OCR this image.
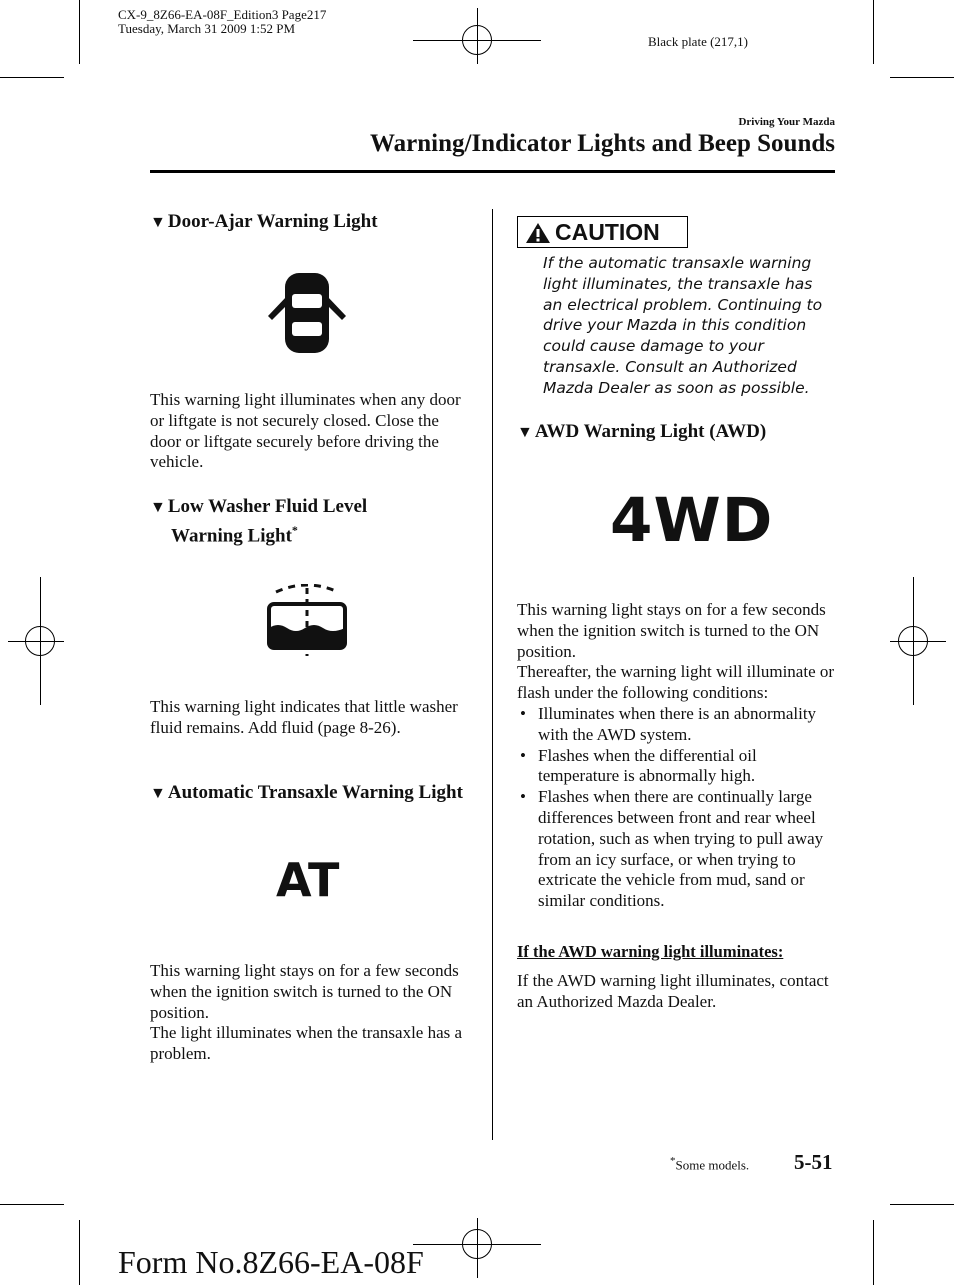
CX-9_8Z66-EA-08F_Edition3 Page217
Tuesday, March 31 2009 1:52 PM
Black plate (217,1)
Driving Your Mazda
Warning/Indicator Lights and Beep Sounds
▼ Door-Ajar Warning Light
This warning light illuminates when any door or liftgate is not securely closed. Close the door or liftgate securely before driving the vehicle.
▼ Low Washer Fluid Level
Warning Light*
This warning light indicates that little washer fluid remains. Add fluid (page 8-26).
▼ Automatic Transaxle Warning Light
AT
This warning light stays on for a few seconds when the ignition switch is turned to the ON position.
The light illuminates when the transaxle has a problem.
CAUTION
If the automatic transaxle warning light illuminates, the transaxle has an electrical problem. Continuing to drive your Mazda in this condition could cause damage to your transaxle. Consult an Authorized Mazda Dealer as soon as possible.
▼ AWD Warning Light (AWD)
4WD
This warning light stays on for a few seconds when the ignition switch is turned to the ON position.
Thereafter, the warning light will illuminate or flash under the following conditions:
• Illuminates when there is an abnormality with the AWD system.
• Flashes when the differential oil temperature is abnormally high.
• Flashes when there are continually large differences between front and rear wheel rotation, such as when trying to pull away from an icy surface, or when trying to extricate the vehicle from mud, sand or similar conditions.
If the AWD warning light illuminates:
If the AWD warning light illuminates, contact an Authorized Mazda Dealer.
*Some models. 5-51
Form No.8Z66-EA-08F
